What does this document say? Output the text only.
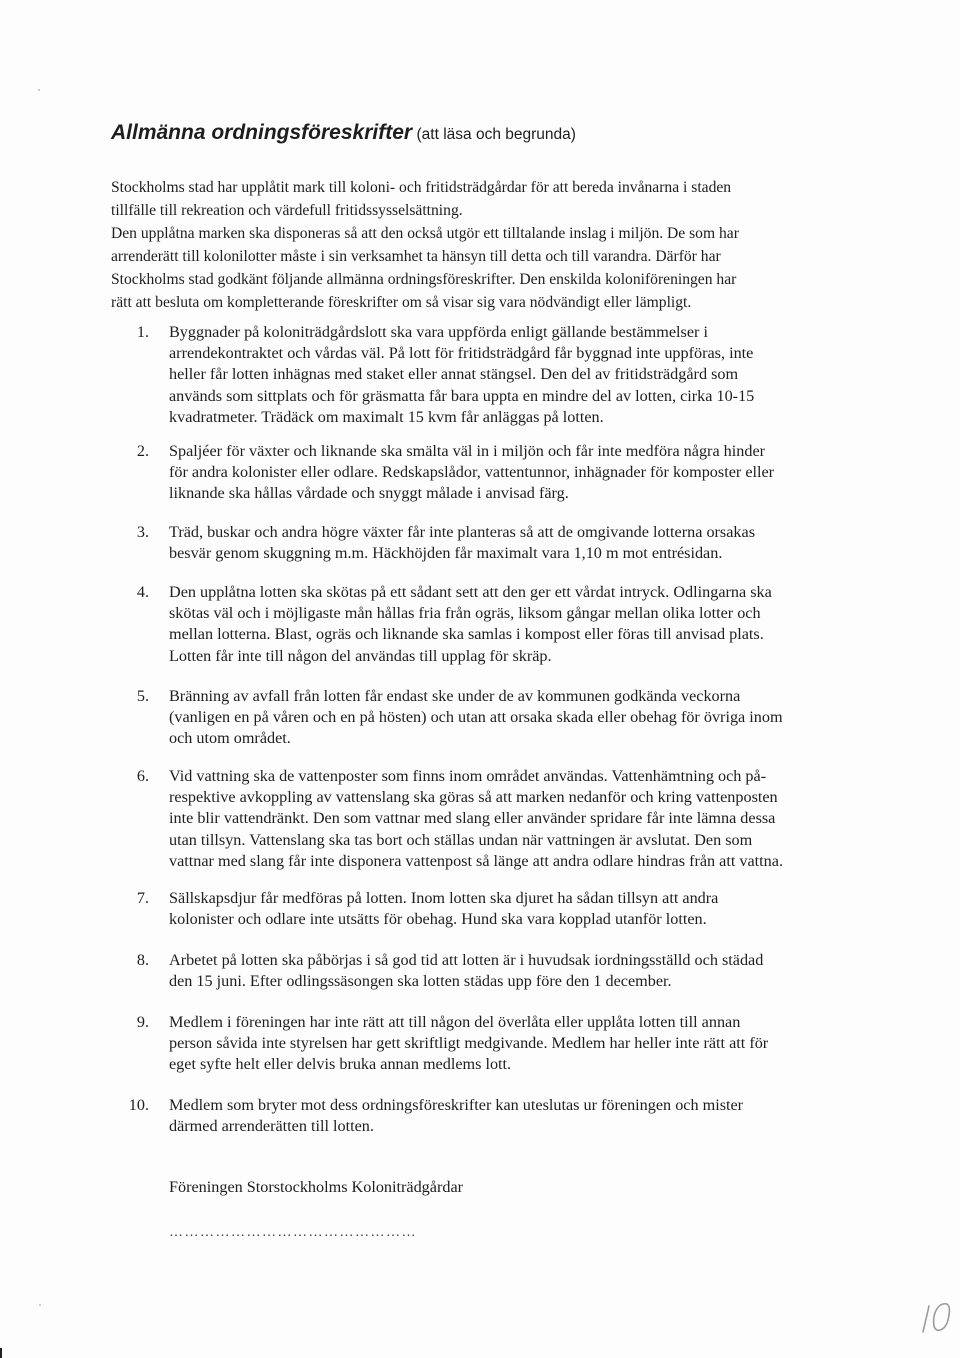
Allmänna ordningsföreskrifter (att läsa och begrunda)

Stockholms stad har upplåtit mark till koloni- och fritidsträdgårdar för att bereda invånarna i staden
tillfälle till rekreation och värdefull fritidssysselsättning.
Den upplåtna marken ska disponeras så att den också utgör ett tilltalande inslag i miljön. De som har
arrenderätt till kolonilotter måste i sin verksamhet ta hänsyn till detta och till varandra. Därför har
Stockholms stad godkänt följande allmänna ordningsföreskrifter. Den enskilda koloniföreningen har
rätt att besluta om kompletterande föreskrifter om så visar sig vara nödvändigt eller lämpligt.

1. Byggnader på koloniträdgårdslott ska vara uppförda enligt gällande bestämmelser i
arrendekontraktet och vårdas väl. På lott för fritidsträdgård får byggnad inte uppföras, inte
heller får lotten inhägnas med staket eller annat stängsel. Den del av fritidsträdgård som
används som sittplats och för gräsmatta får bara uppta en mindre del av lotten, cirka 10-15
kvadratmeter. Trädäck om maximalt 15 kvm får anläggas på lotten.
2. Spaljéer för växter och liknande ska smälta väl in i miljön och får inte medföra några hinder
för andra kolonister eller odlare. Redskapslådor, vattentunnor, inhägnader för komposter eller
liknande ska hållas vårdade och snyggt målade i anvisad färg.
3. Träd, buskar och andra högre växter får inte planteras så att de omgivande lotterna orsakas
besvär genom skuggning m.m. Häckhöjden får maximalt vara 1,10 m mot entrésidan.
4. Den upplåtna lotten ska skötas på ett sådant sett att den ger ett vårdat intryck. Odlingarna ska
skötas väl och i möjligaste mån hållas fria från ogräs, liksom gångar mellan olika lotter och
mellan lotterna. Blast, ogräs och liknande ska samlas i kompost eller föras till anvisad plats.
Lotten får inte till någon del användas till upplag för skräp.
5. Bränning av avfall från lotten får endast ske under de av kommunen godkända veckorna
(vanligen en på våren och en på hösten) och utan att orsaka skada eller obehag för övriga inom
och utom området.
6. Vid vattning ska de vattenposter som finns inom området användas. Vattenhämtning och på-
respektive avkoppling av vattenslang ska göras så att marken nedanför och kring vattenposten
inte blir vattendränkt. Den som vattnar med slang eller använder spridare får inte lämna dessa
utan tillsyn. Vattenslang ska tas bort och ställas undan när vattningen är avslutat. Den som
vattnar med slang får inte disponera vattenpost så länge att andra odlare hindras från att vattna.
7. Sällskapsdjur får medföras på lotten. Inom lotten ska djuret ha sådan tillsyn att andra
kolonister och odlare inte utsätts för obehag. Hund ska vara kopplad utanför lotten.
8. Arbetet på lotten ska påbörjas i så god tid att lotten är i huvudsak iordningsställd och städad
den 15 juni. Efter odlingssäsongen ska lotten städas upp före den 1 december.
9. Medlem i föreningen har inte rätt att till någon del överlåta eller upplåta lotten till annan
person såvida inte styrelsen har gett skriftligt medgivande. Medlem har heller inte rätt att för
eget syfte helt eller delvis bruka annan medlems lott.
10. Medlem som bryter mot dess ordningsföreskrifter kan uteslutas ur föreningen och mister
därmed arrenderätten till lotten.
Föreningen Storstockholms Koloniträdgårdar
…………………………………………
